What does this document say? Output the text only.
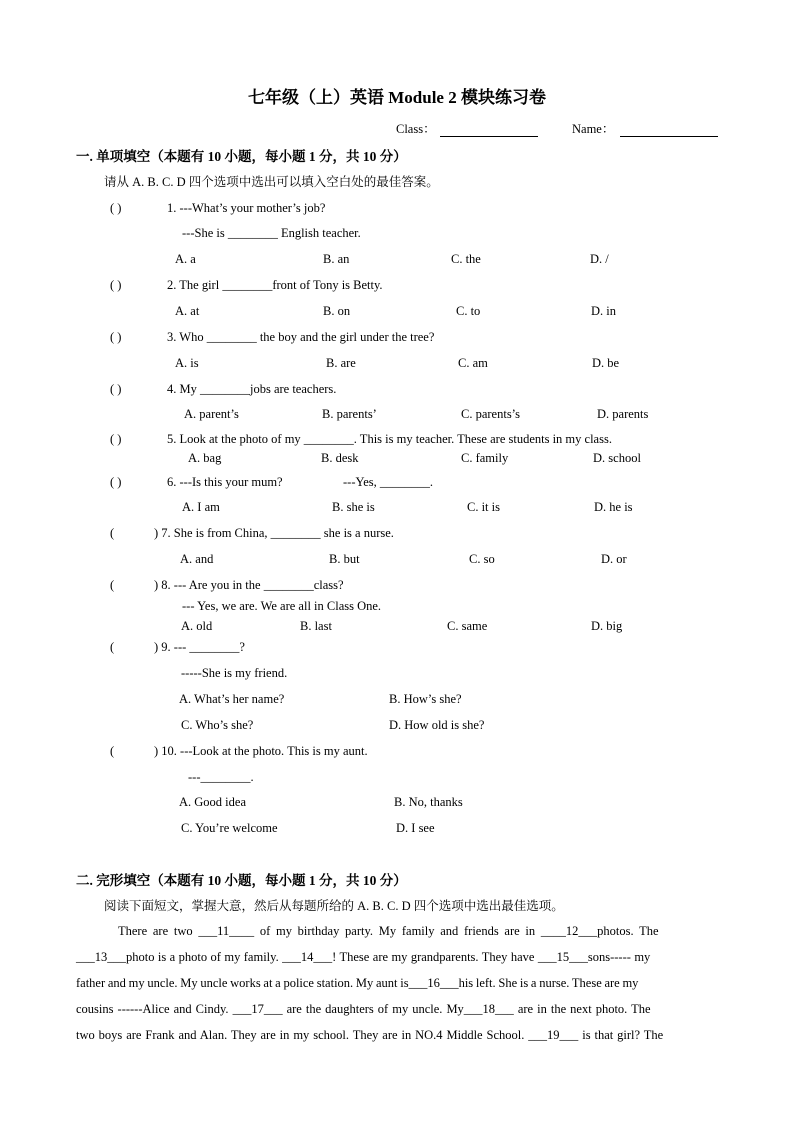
七年级（上）英语 Module 2 模块练习卷
Class：	Name：
一. 单项填空（本题有 10 小题，每小题 1 分，共 10 分）
请从 A. B. C. D 四个选项中选出可以填入空白处的最佳答案。
( )	1. ---What’s your mother’s job?
---She is ________ English teacher.
A. a	B. an	C. the	D. /
( )	2. The girl ________front of Tony is Betty.
A. at	B. on	C. to	D. in
( )	3. Who ________ the boy and the girl under the tree?
A. is	B. are	C. am	D. be
( )	4. My ________jobs are teachers.
A. parent’s	B. parents’	C. parents’s	D. parents
( )	5. Look at the photo of my ________. This is my teacher. These are students in my class.
A. bag	B. desk	C. family	D. school
( )	6. ---Is this your mum?	---Yes, ________.
A. I am	B. she is	C. it is	D. he is
(	) 7. She is from China, ________ she is a nurse.
A. and	B. but	C. so	D. or
(	) 8. --- Are you in the ________class?
--- Yes, we are. We are all in Class One.
A. old	B. last	C. same	D. big
(	) 9. --- ________?
-----She is my friend.
A. What’s her name?	B. How’s she?
C. Who’s she?	D. How old is she?
(	) 10. ---Look at the photo. This is my aunt.
---________.
A. Good idea	B. No, thanks
C. You’re welcome	D. I see
二. 完形填空（本题有 10 小题，每小题 1 分，共 10 分）
阅读下面短文，掌握大意，然后从每题所给的 A. B. C. D 四个选项中选出最佳选项。
There are two ___11____ of my birthday party. My family and friends are in ____12___photos. The
___13___photo is a photo of my family. ___14___! These are my grandparents. They have ___15___sons----- my
father and my uncle. My uncle works at a police station. My aunt is___16___his left. She is a nurse. These are my
cousins ------Alice and Cindy. ___17___ are the daughters of my uncle. My___18___ are in the next photo. The
two boys are Frank and Alan. They are in my school. They are in NO.4 Middle School. ___19___ is that girl? The
